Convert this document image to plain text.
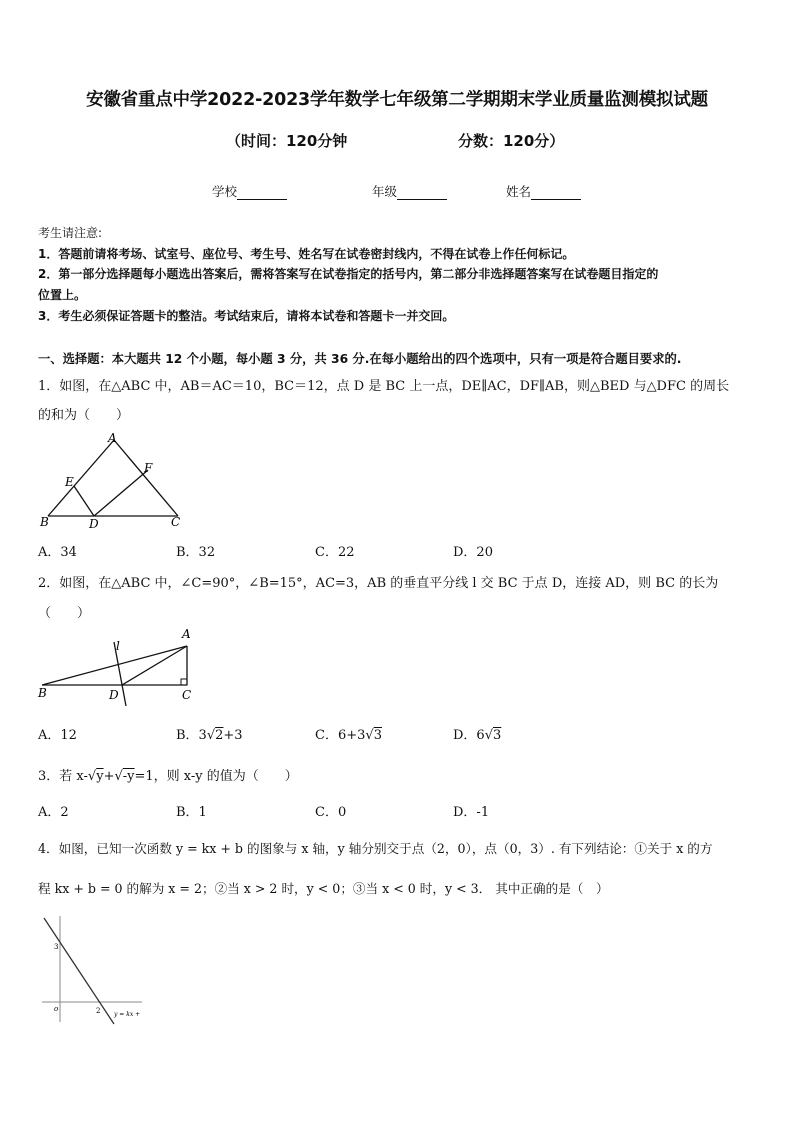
安徽省重点中学2022-2023学年数学七年级第二学期期末学业质量监测模拟试题
（时间：120分钟	分数：120分）
学校	年级	姓名
考生请注意:
1．答题前请将考场、试室号、座位号、考生号、姓名写在试卷密封线内，不得在试卷上作任何标记。
2．第一部分选择题每小题选出答案后，需将答案写在试卷指定的括号内，第二部分非选择题答案写在试卷题目指定的
位置上。
3．考生必须保证答题卡的整洁。考试结束后，请将本试卷和答题卡一并交回。
一、选择题：本大题共 12 个小题，每小题 3 分，共 36 分.在每小题给出的四个选项中，只有一项是符合题目要求的.
1．如图，在△ABC 中，AB＝AC＝10，BC＝12，点 D 是 BC 上一点，DE∥AC，DF∥AB，则△BED 与△DFC 的周长
的和为（　　）
A
F
E
B	D	C
A．34	B．32	C．22	D．20
2．如图，在△ABC 中，∠C=90°，∠B=15°，AC=3，AB 的垂直平分线 l 交 BC 于点 D，连接 AD，则 BC 的长为
（　　）
A
l
B	D	C
A．12	B．3√2+3	C．6+3√3	D．6√3
3．若 x-√y+√-y=1，则 x-y 的值为（　　）
A．2	B．1	C．0	D．-1
4．如图，已知一次函数 y = kx + b 的图象与 x 轴，y 轴分别交于点（2，0），点（0，3）. 有下列结论：①关于 x 的方
程 kx + b = 0 的解为 x = 2；②当 x > 2 时，y < 0；③当 x < 0 时，y < 3． 其中正确的是（　）
3
2
o
y = kx +
